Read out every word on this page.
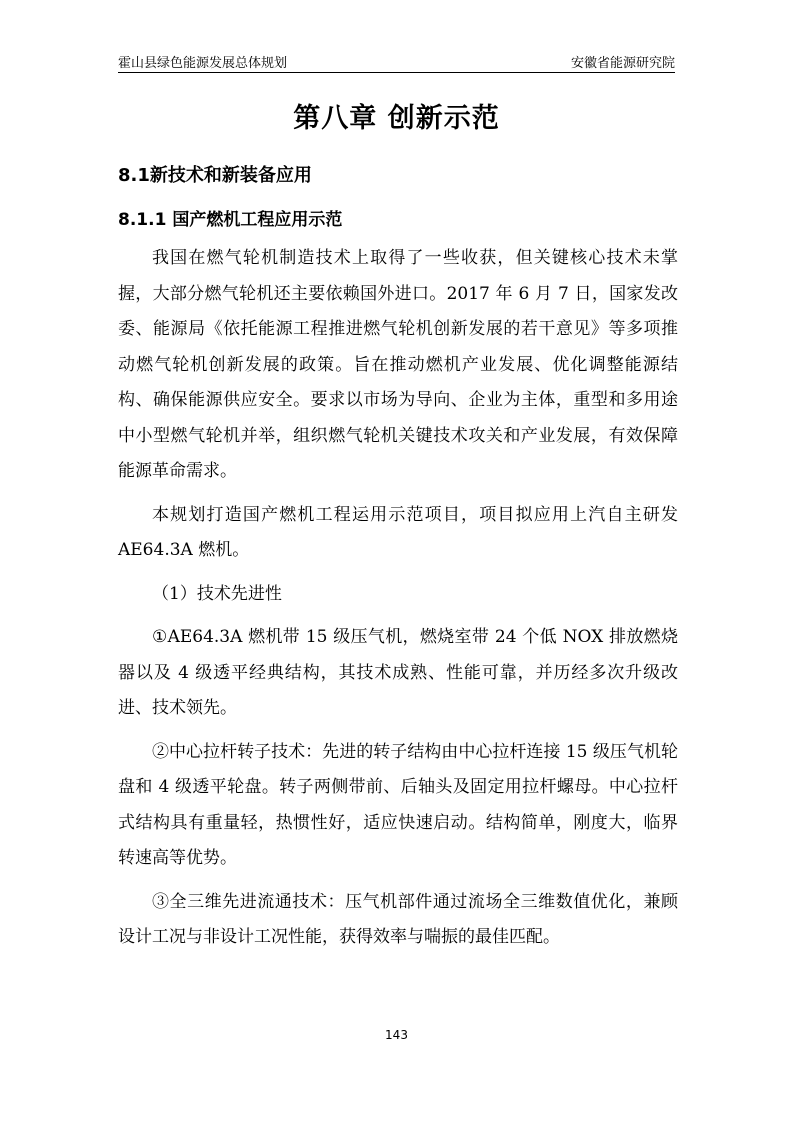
霍山县绿色能源发展总体规划	安徽省能源研究院
第八章 创新示范
8.1新技术和新装备应用
8.1.1 国产燃机工程应用示范

我国在燃气轮机制造技术上取得了一些收获，但关键核心技术未掌握，大部分燃气轮机还主要依赖国外进口。2017 年 6 月 7 日，国家发改委、能源局《依托能源工程推进燃气轮机创新发展的若干意见》等多项推动燃气轮机创新发展的政策。旨在推动燃机产业发展、优化调整能源结构、确保能源供应安全。要求以市场为导向、企业为主体，重型和多用途中小型燃气轮机并举，组织燃气轮机关键技术攻关和产业发展，有效保障能源革命需求。

本规划打造国产燃机工程运用示范项目，项目拟应用上汽自主研发 AE64.3A 燃机。

（1）技术先进性

①AE64.3A 燃机带 15 级压气机，燃烧室带 24 个低 NOX 排放燃烧器以及 4 级透平经典结构，其技术成熟、性能可靠，并历经多次升级改进、技术领先。

②中心拉杆转子技术：先进的转子结构由中心拉杆连接 15 级压气机轮盘和 4 级透平轮盘。转子两侧带前、后轴头及固定用拉杆螺母。中心拉杆式结构具有重量轻，热惯性好，适应快速启动。结构简单，刚度大，临界转速高等优势。

③全三维先进流通技术：压气机部件通过流场全三维数值优化，兼顾设计工况与非设计工况性能，获得效率与喘振的最佳匹配。

143
